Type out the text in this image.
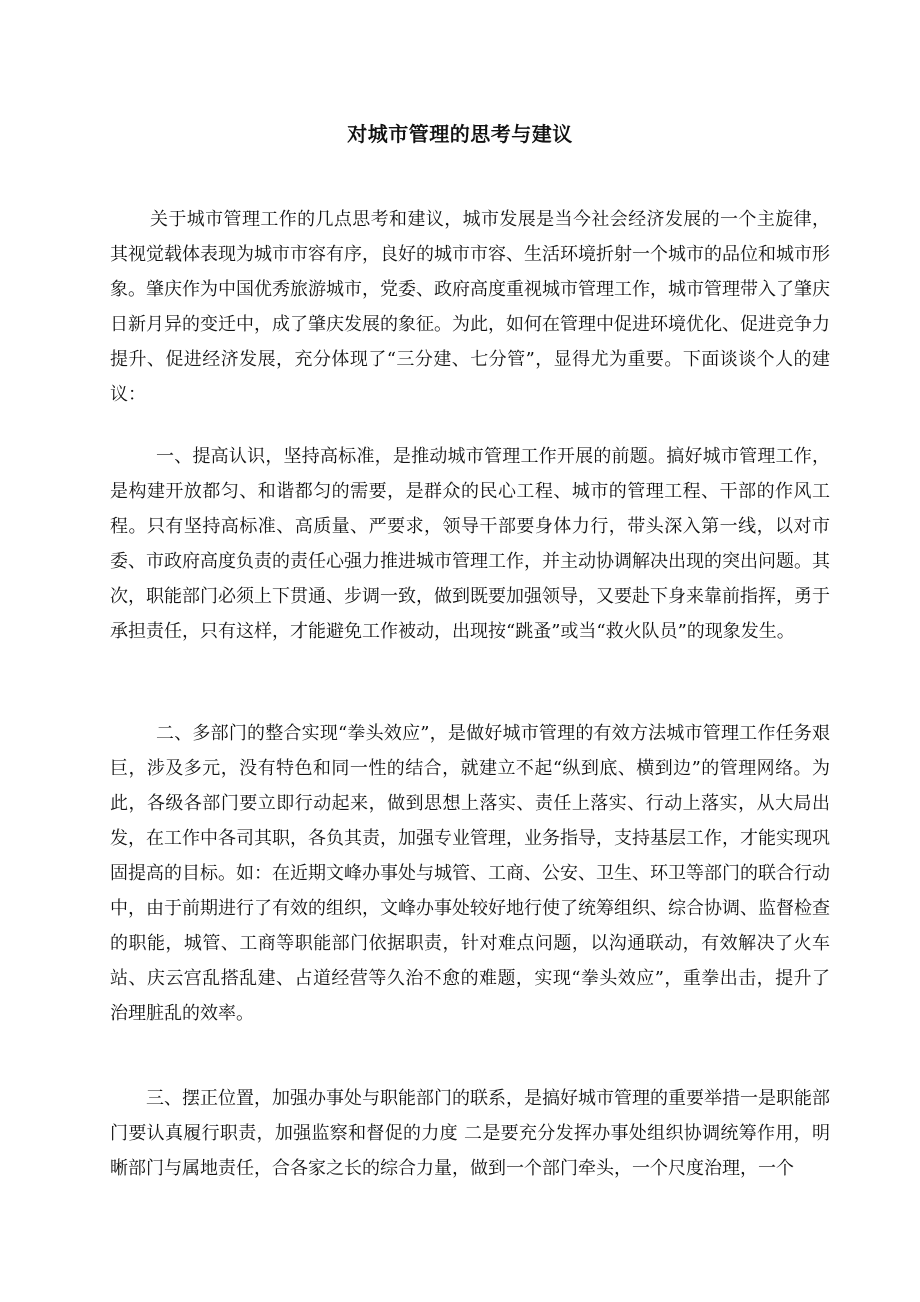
对城市管理的思考与建议

关于城市管理工作的几点思考和建议，城市发展是当今社会经济发展的一个主旋律，其视觉载体表现为城市市容有序，良好的城市市容、生活环境折射一个城市的品位和城市形象。肇庆作为中国优秀旅游城市，党委、政府高度重视城市管理工作，城市管理带入了肇庆日新月异的变迁中，成了肇庆发展的象征。为此，如何在管理中促进环境优化、促进竞争力提升、促进经济发展，充分体现了“三分建、七分管”，显得尤为重要。下面谈谈个人的建议：

一、提高认识，坚持高标准，是推动城市管理工作开展的前题。搞好城市管理工作，是构建开放都匀、和谐都匀的需要，是群众的民心工程、城市的管理工程、干部的作风工程。只有坚持高标准、高质量、严要求，领导干部要身体力行，带头深入第一线，以对市委、市政府高度负责的责任心强力推进城市管理工作，并主动协调解决出现的突出问题。其次，职能部门必须上下贯通、步调一致，做到既要加强领导，又要赴下身来靠前指挥，勇于承担责任，只有这样，才能避免工作被动，出现按“跳蚤”或当“救火队员”的现象发生。

二、多部门的整合实现“拳头效应”，是做好城市管理的有效方法城市管理工作任务艰巨，涉及多元，没有特色和同一性的结合，就建立不起“纵到底、横到边”的管理网络。为此，各级各部门要立即行动起来，做到思想上落实、责任上落实、行动上落实，从大局出发，在工作中各司其职，各负其责，加强专业管理，业务指导，支持基层工作，才能实现巩固提高的目标。如：在近期文峰办事处与城管、工商、公安、卫生、环卫等部门的联合行动中，由于前期进行了有效的组织，文峰办事处较好地行使了统筹组织、综合协调、监督检查的职能，城管、工商等职能部门依据职责，针对难点问题，以沟通联动，有效解决了火车站、庆云宫乱搭乱建、占道经营等久治不愈的难题，实现“拳头效应”，重拳出击，提升了治理脏乱的效率。

三、摆正位置，加强办事处与职能部门的联系，是搞好城市管理的重要举措一是职能部门要认真履行职责，加强监察和督促的力度 二是要充分发挥办事处组织协调统筹作用，明晰部门与属地责任，合各家之长的综合力量，做到一个部门牵头，一个尺度治理，一个
